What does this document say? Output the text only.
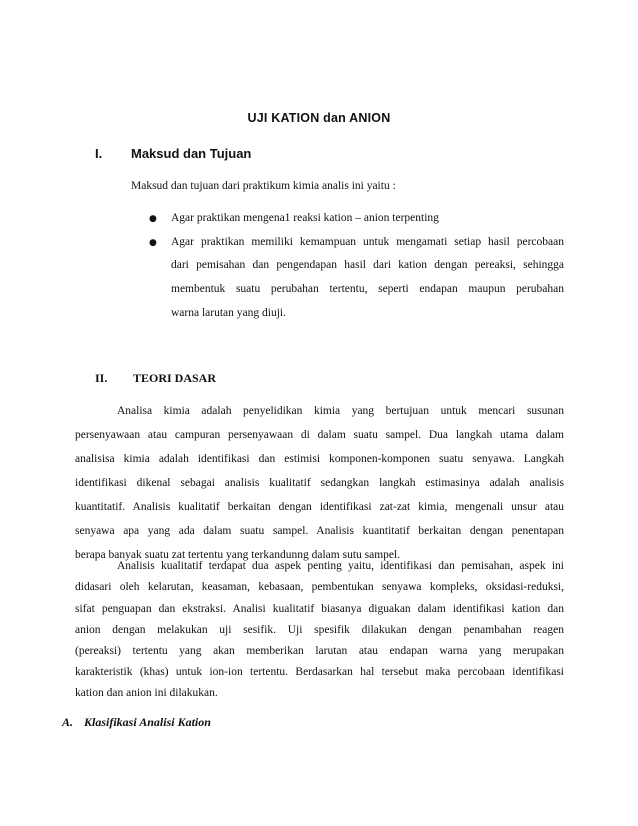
UJI KATION dan ANION
I. Maksud dan Tujuan
Maksud dan tujuan dari praktikum kimia analis ini yaitu :
● Agar praktikan mengena1 reaksi kation – anion terpenting
● Agar praktikan memiliki kemampuan untuk mengamati setiap hasil percobaan
dari pemisahan dan pengendapan hasil dari kation dengan pereaksi, sehingga
membentuk suatu perubahan tertentu, seperti endapan maupun perubahan
warna larutan yang diuji.
II. TEORI DASAR
Analisa kimia adalah penyelidikan kimia yang bertujuan untuk mencari susunan
persenyawaan atau campuran persenyawaan di dalam suatu sampel. Dua langkah utama dalam
analisisa kimia adalah identifikasi dan estimisi komponen-komponen suatu senyawa. Langkah
identifikasi dikenal sebagai analisis kualitatif sedangkan langkah estimasinya adalah analisis
kuantitatif. Analisis kualitatif berkaitan dengan identifikasi zat-zat kimia, mengenali unsur atau
senyawa apa yang ada dalam suatu sampel. Analisis kuantitatif berkaitan dengan penentapan
berapa banyak suatu zat tertentu yang terkandunng dalam sutu sampel.
Analisis kualitatif terdapat dua aspek penting yaitu, identifikasi dan pemisahan, aspek ini
didasari oleh kelarutan, keasaman, kebasaan, pembentukan senyawa kompleks, oksidasi-reduksi,
sifat penguapan dan ekstraksi. Analisi kualitatif biasanya diguakan dalam identifikasi kation dan
anion dengan melakukan uji sesifik. Uji spesifik dilakukan dengan penambahan reagen
(pereaksi) tertentu yang akan memberikan larutan atau endapan warna yang merupakan
karakteristik (khas) untuk ion-ion tertentu. Berdasarkan hal tersebut maka percobaan identifikasi
kation dan anion ini dilakukan.
A. Klasifikasi Analisi Kation
